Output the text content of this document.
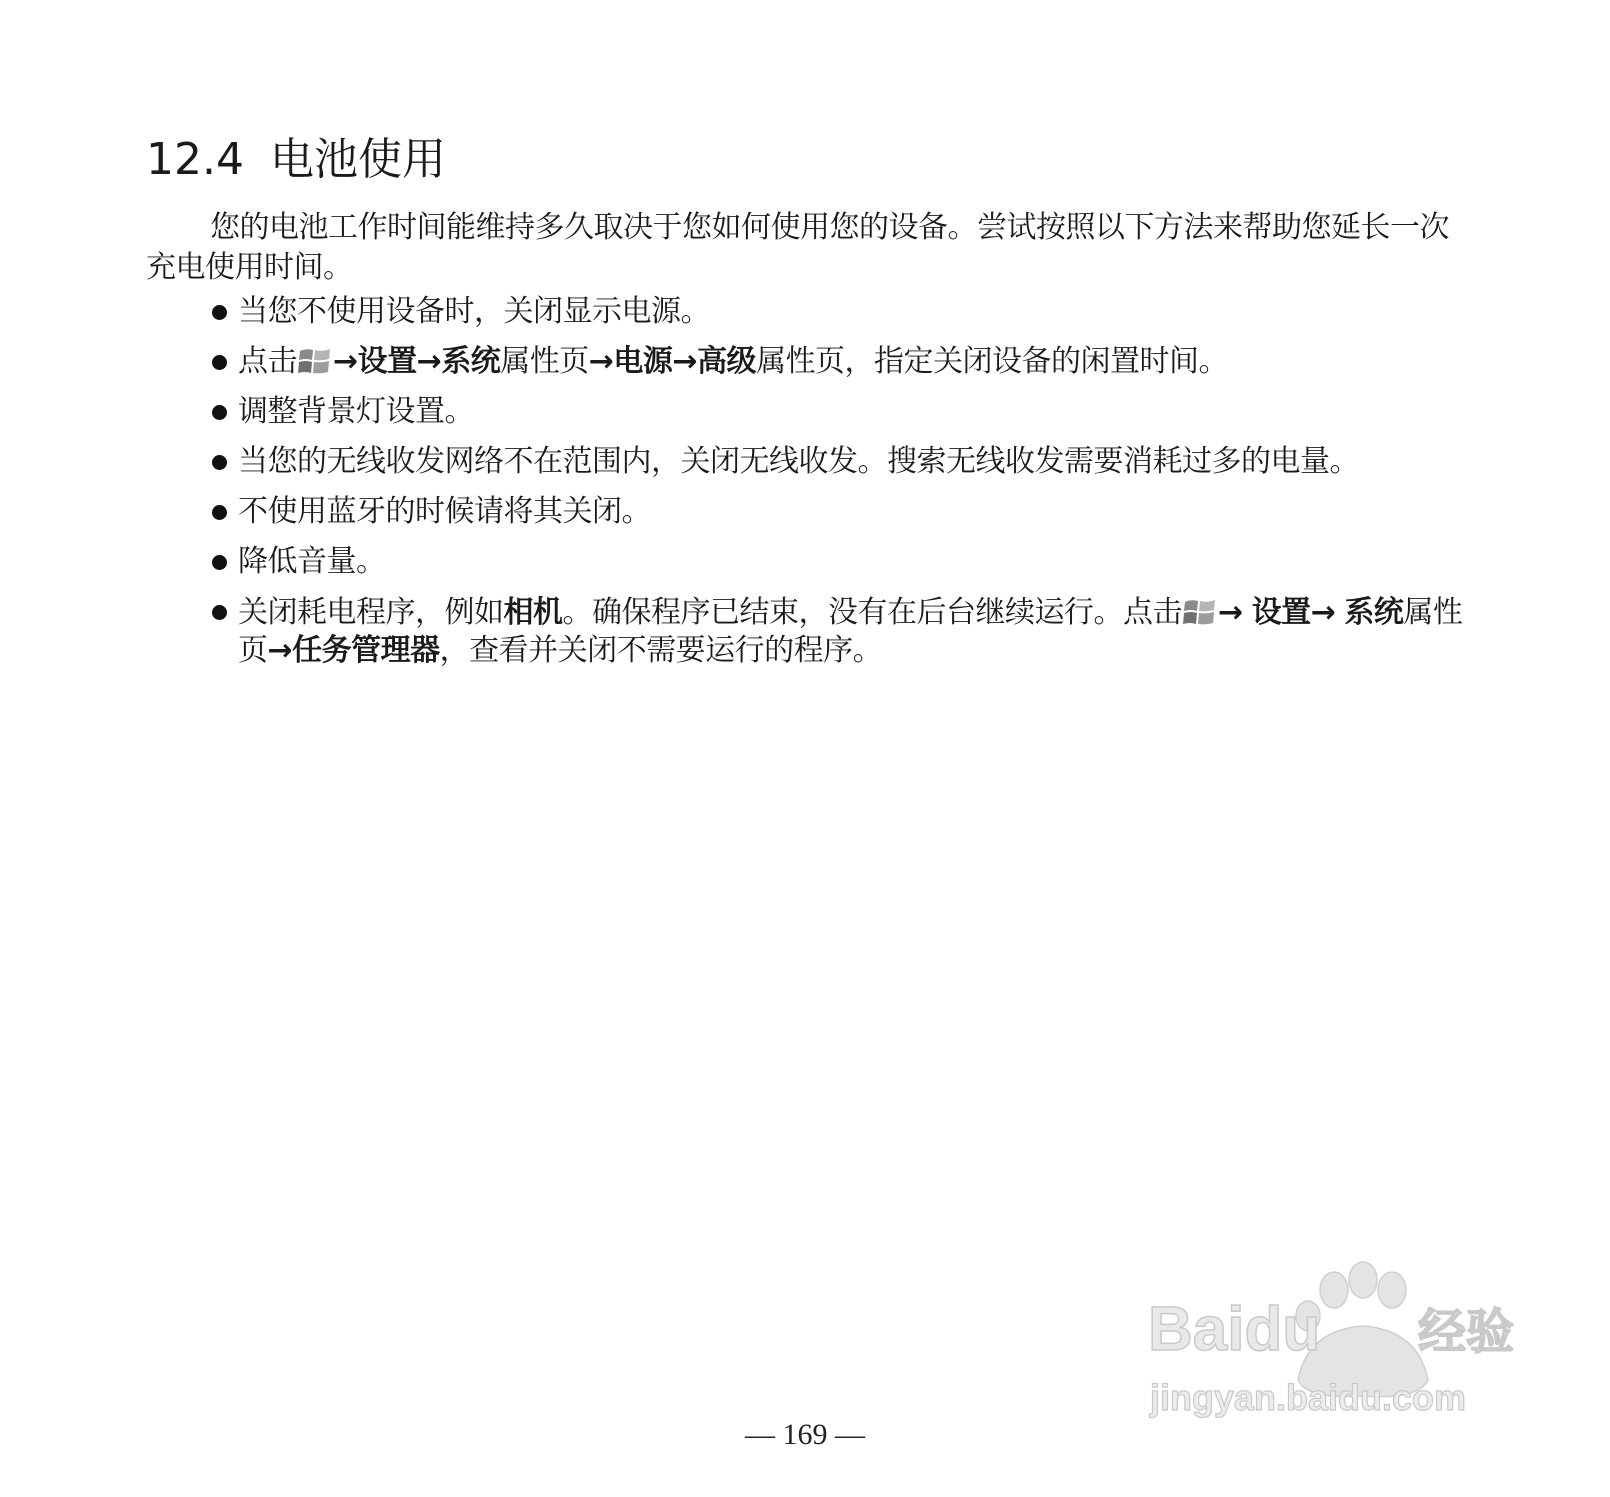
12.4 电池使用

您的电池工作时间能维持多久取决于您如何使用您的设备。尝试按照以下方法来帮助您延长一次充电使用时间。

当您不使用设备时，关闭显示电源。
点击 →设置→系统属性页→电源→高级属性页，指定关闭设备的闲置时间。
调整背景灯设置。
当您的无线收发网络不在范围内，关闭无线收发。搜索无线收发需要消耗过多的电量。
不使用蓝牙的时候请将其关闭。
降低音量。
关闭耗电程序，例如相机。确保程序已结束，没有在后台继续运行。点击 → 设置→ 系统属性页→任务管理器，查看并关闭不需要运行的程序。
Baidu 经验
jingyan.baidu.com
— 169 —
